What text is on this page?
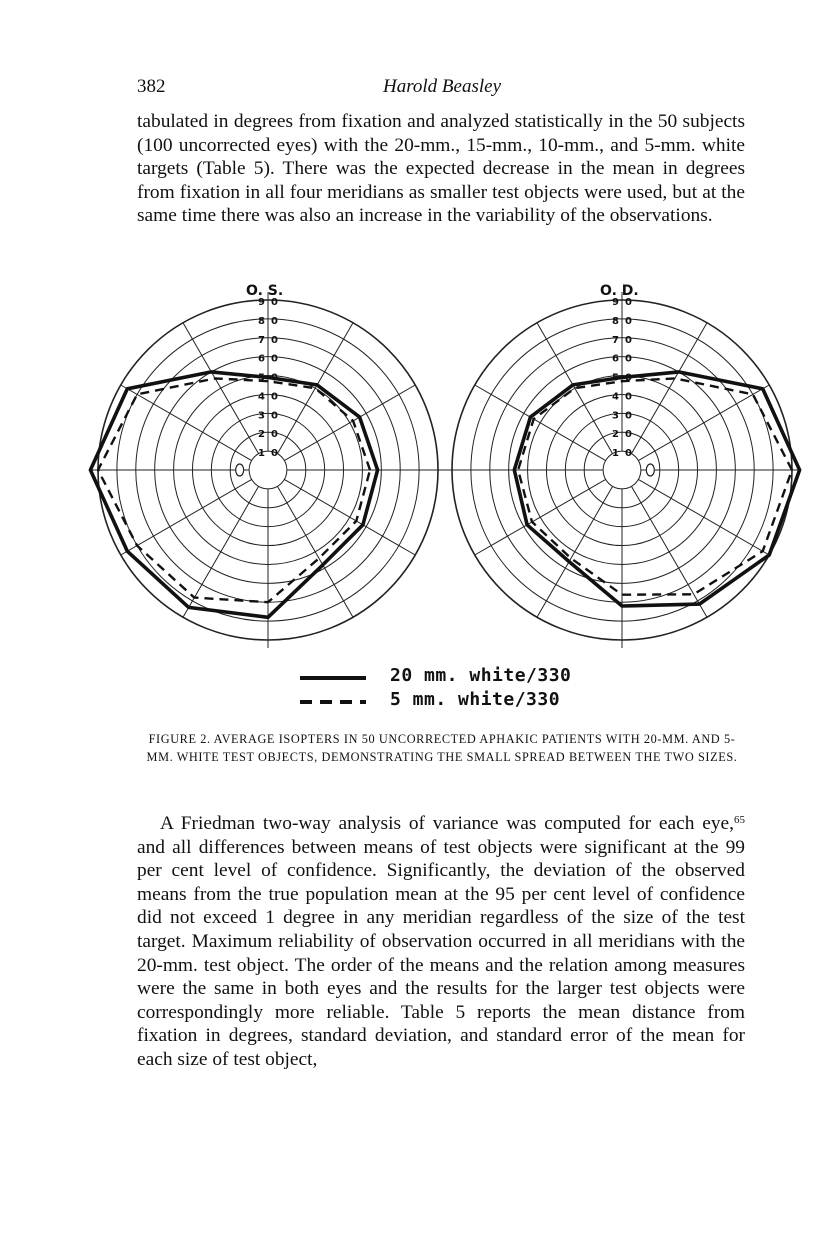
382	Harold Beasley

tabulated in degrees from fixation and analyzed statistically in the 50 subjects (100 uncorrected eyes) with the 20-mm., 15-mm., 10-mm., and 5-mm. white targets (Table 5). There was the expected decrease in the mean in degrees from fixation in all four meridians as smaller test objects were used, but at the same time there was also an increase in the variability of the observations.

O. S.	O. D.
1 0
2 0
3 0
4 0
5 0
6 0
7 0
8 0
9 0
1 0
2 0
3 0
4 0
5 0
6 0
7 0
8 0
9 0
20 mm. white/330
5 mm. white/330

FIGURE 2. AVERAGE ISOPTERS IN 50 UNCORRECTED APHAKIC PATIENTS WITH 20-MM. AND 5-MM. WHITE TEST OBJECTS, DEMONSTRATING THE SMALL SPREAD BETWEEN THE TWO SIZES.

A Friedman two-way analysis of variance was computed for each eye,$^{65}$ and all differences between means of test objects were significant at the 99 per cent level of confidence. Significantly, the deviation of the observed means from the true population mean at the 95 per cent level of confidence did not exceed 1 degree in any meridian regardless of the size of the test target. Maximum reliability of observation occurred in all meridians with the 20-mm. test object. The order of the means and the relation among measures were the same in both eyes and the results for the larger test objects were correspondingly more reliable. Table 5 reports the mean distance from fixation in degrees, standard deviation, and standard error of the mean for each size of test object,
